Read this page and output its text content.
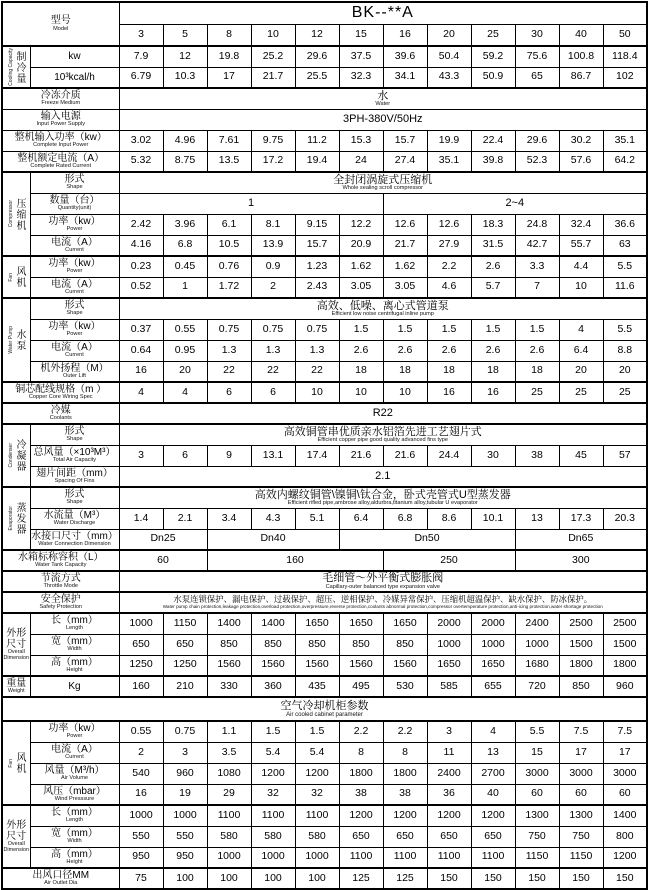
型号
Model		BK--**A											

		3	5	8	10	12	15	16	20	25	30	40	50

Cooling Capacity 制冷量	kw	7.9	12	19.8	25.2	29.6	37.5	39.6	50.4	59.2	75.6	100.8	118.4

	10³kcal/h	6.79	10.3	17	21.7	25.5	32.3	34.1	43.3	50.9	65	86.7	102

冷冻介质
Freeze Medium

水
Water

输入电源
Input Power Supply		3PH-380V/50Hz											

整机输入功率（kw）
Complete Input Power		3.02	4.96	7.61	9.75	11.2	15.3	15.7	19.9	22.4	29.6	30.2	35.1

整机额定电流（A）
Complete Rated Current		5.32	8.75	13.5	17.2	19.4	24	27.4	35.1	39.8	52.3	57.6	64.2

Compressor 压缩机

形式
Shape

全封闭涡旋式压缩机
Whole sealing scroll compressor

	数量（台）
Quantity(unit)	1						2~4					

	功率（kw）
Power	2.42	3.96	6.1	8.1	9.15	12.2	12.6	12.6	18.3	24.8	32.4	36.6

	电流（A）
Current	4.16	6.8	10.5	13.9	15.7	20.9	21.7	27.9	31.5	42.7	55.7	63

Fan 风机

功率（kw）
Power	0.23	0.45	0.76	0.9	1.23	1.62	1.62	2.2	2.6	3.3	4.4	5.5

	电流（A）
Current	0.52	1	1.72	2	2.43	3.05	3.05	4.6	5.7	7	10	11.6

Water Pump 水泵

形式
Shape

高效、低噪、离心式管道泵
Efficient low noise centrifugal inline pump

	功率（kw）
Power	0.37	0.55	0.75	0.75	0.75	1.5	1.5	1.5	1.5	1.5	4	5.5

	电流（A）
Current	0.64	0.95	1.3	1.3	1.3	2.6	2.6	2.6	2.6	2.6	6.4	8.8

	机外扬程（M）
Outer Lift	16	20	22	22	22	18	18	18	18	18	20	20

铜芯配线规格（m ）
Copper Core Wiring Spec		4	4	6	6	10	10	10	16	16	25	25	25

冷媒
Coolants		R22											

Condenser 冷凝器

形式
Shape

高效铜管串优质亲水铝箔先进工艺翅片式
Efficient copper pipe good quality advanced fins type

	总风量（×10³M³）
Total Air Capacity	3	6	9	13.1	17.4	21.6	21.6	24.4	30	38	45	57

	翅片间距（mm）
Spacing Of Fins	2.1											

Evaporator 蒸发器

形式
Shape

高效内螺纹铜管\镍铜\钛合金，卧式壳管式U型蒸发器
Efficient rifled pipe,ambrose alloy,aldurbra,titanium alloy,tubular U evaporator

	水流量（M³）
Water Discharge	1.4	2.1	3.4	4.3	5.1	6.4	6.8	8.6	10.1	13	17.3	20.3

	水接口尺寸（mm）
Water Connection Dimension	Dn25		Dn40			Dn50				Dn65		

水箱标称容积（L）
Water Tank Capacity		60		160				250			300		

节流方式
Throttle Mode

毛细管～外平衡式膨胀阀
Capillary-outer balanced type expansion valve

安全保护
Safety Protection

水泵连锁保护、漏电保护、过载保护、超压、逆相保护、冷媒异常保护、压缩机超温保护、缺水保护、防冰保护。
Water pump chain protection,leakage protection,overload protection,overpressure,reverse protection,coolants abnormal protection,compressor overtemperature protection,anti-icing protection,water shortage protection

外形尺寸
Overall Dimension

长（mm）
Length	1000	1150	1400	1400	1650	1650	1650	2000	2000	2400	2500	2500

	宽（mm）
Width	650	650	850	850	850	850	850	1000	1000	1000	1500	1500

	高（mm）
Height	1250	1250	1560	1560	1560	1560	1560	1650	1650	1680	1800	1800

重量
Weight	Kg	160	210	330	360	435	495	530	585	655	720	850	960

空气冷却机柜参数
Air cooled cabinet parameter													

Fan 风机

功率（kw）
Power	0.55	0.75	1.1	1.5	1.5	2.2	2.2	3	4	5.5	7.5	7.5

	电流（A）
Current	2	3	3.5	5.4	5.4	8	8	11	13	15	17	17

	风量（M³/h）
Air Volume	540	960	1080	1200	1200	1800	1800	2400	2700	3000	3000	3000

	风压（mbar）
Wind Presssure	16	19	29	32	32	38	38	36	40	60	60	60

外形尺寸
Overall Dimension

长（mm）
Length	1000	1000	1100	1100	1100	1200	1200	1200	1200	1300	1300	1400

	宽（mm）
Width	550	550	580	580	580	650	650	650	650	750	750	800

	高（mm）
Height	950	950	1000	1000	1000	1100	1100	1100	1100	1150	1150	1200

出风口径MM
Air Outlet Dia		75	100	100	100	100	125	125	150	150	150	150	150
